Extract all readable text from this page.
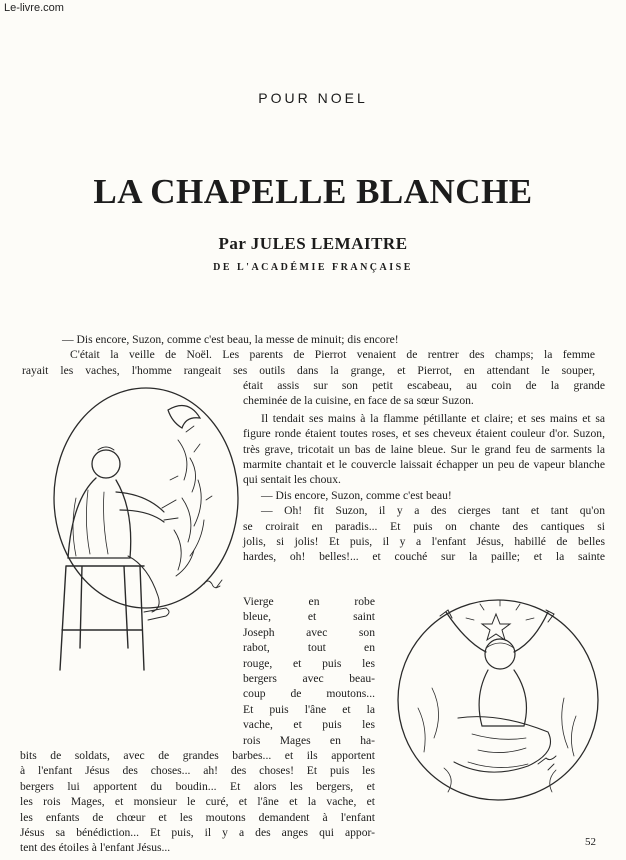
Le-livre.com
POUR NOEL
LA CHAPELLE BLANCHE
Par JULES LEMAITRE
DE L'ACADÉMIE FRANÇAISE
— Dis encore, Suzon, comme c'est beau, la messe de minuit; dis encore!
C'était la veille de Noël. Les parents de Pierrot venaient de rentrer des champs; la femme
rayait les vaches, l'homme rangeait ses outils dans la grange, et Pierrot, en attendant le souper,
était assis sur son petit escabeau, au coin de la grande
cheminée de la cuisine, en face de sa sœur Suzon.

Il tendait ses mains à la flamme pétillante et claire; et ses mains et sa figure ronde étaient toutes roses, et ses cheveux étaient couleur d'or. Suzon, très grave, tricotait un bas de laine bleue. Sur le grand feu de sarments la marmite chantait et le couvercle laissait échapper un peu de vapeur blanche qui sentait les choux.

— Dis encore, Suzon, comme c'est beau!

— Oh! fit Suzon, il y a des cierges tant et tant qu'on
se croirait en paradis... Et puis on chante des cantiques si
jolis, si jolis! Et puis, il y a l'enfant Jésus, habillé de belles
hardes, oh! belles!... et couché sur la paille; et la sainte
Vierge en robe
bleue, et saint
Joseph avec son
rabot, tout en
rouge, et puis les
bergers avec beau-
coup de moutons...
Et puis l'âne et la
vache, et puis les
rois Mages en ha-
bits de soldats, avec de grandes barbes... et ils apportent
à l'enfant Jésus des choses... ah! des choses! Et puis les
bergers lui apportent du boudin... Et alors les bergers, et
les rois Mages, et monsieur le curé, et l'âne et la vache, et
les enfants de chœur et les moutons demandent à l'enfant
Jésus sa bénédiction... Et puis, il y a des anges qui appor-
tent des étoiles à l'enfant Jésus...	52
